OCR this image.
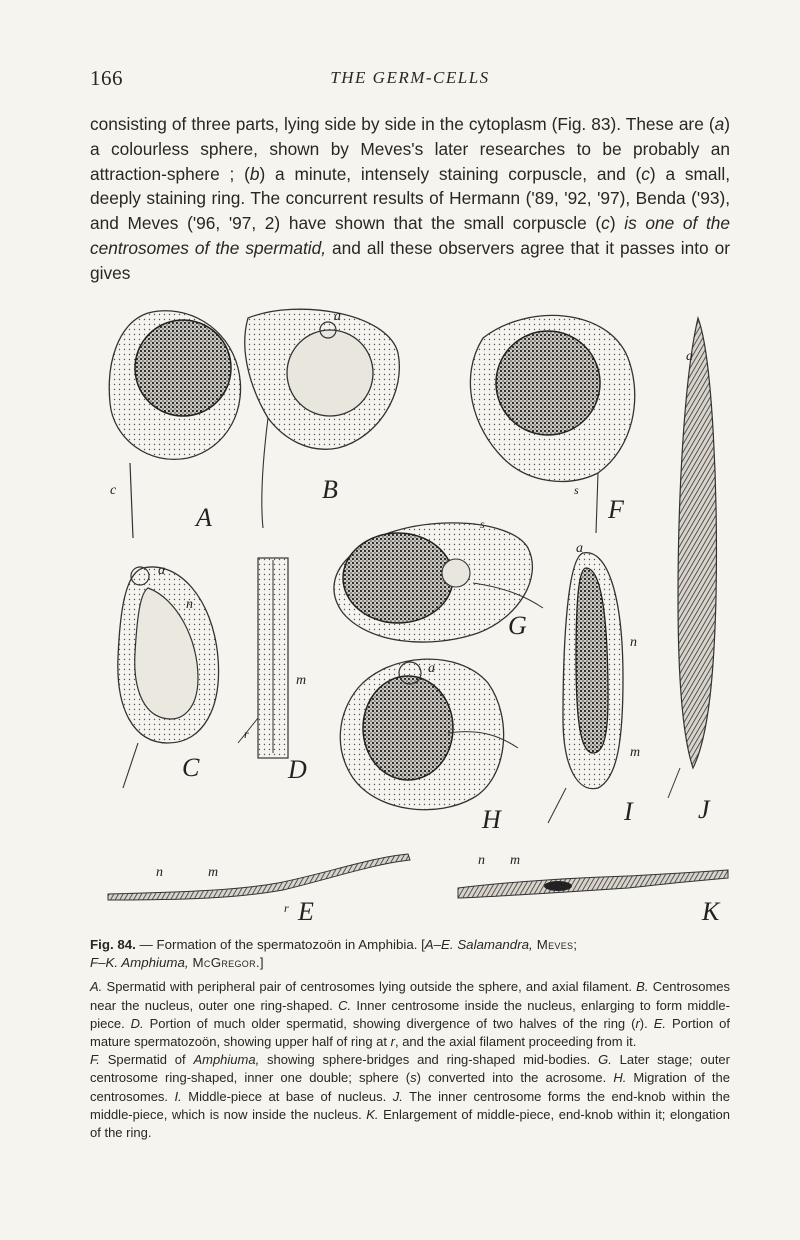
166	THE GERM-CELLS

consisting of three parts, lying side by side in the cytoplasm (Fig. 83). These are (a) a colourless sphere, shown by Meves's later researches to be probably an attraction-sphere ; (b) a minute, intensely staining corpuscle, and (c) a small, deeply staining ring. The concurrent results of Hermann ('89, '92, '97), Benda ('93), and Meves ('96, '97, 2) have shown that the small corpuscle (c) is one of the centrosomes of the spermatid, and all these observers agree that it passes into or gives

A
c
a
B	s
F
a
J
a
n
C
m
r
D
s
G
a
H
a
n
m
I
n	m
r E
n m
K

Fig. 84. — Formation of the spermatozoön in Amphibia. [A–E. Salamandra, Meves;
F–K. Amphiuma, McGregor.]

A. Spermatid with peripheral pair of centrosomes lying outside the sphere, and axial filament. B. Centrosomes near the nucleus, outer one ring-shaped. C. Inner centrosome inside the nucleus, enlarging to form middle-piece. D. Portion of much older spermatid, showing divergence of two halves of the ring (r). E. Portion of mature spermatozoön, showing upper half of ring at r, and the axial filament proceeding from it.

F. Spermatid of Amphiuma, showing sphere-bridges and ring-shaped mid-bodies. G. Later stage; outer centrosome ring-shaped, inner one double; sphere (s) converted into the acrosome. H. Migration of the centrosomes. I. Middle-piece at base of nucleus. J. The inner centrosome forms the end-knob within the middle-piece, which is now inside the nucleus. K. Enlargement of middle-piece, end-knob within it; elongation of the ring.
